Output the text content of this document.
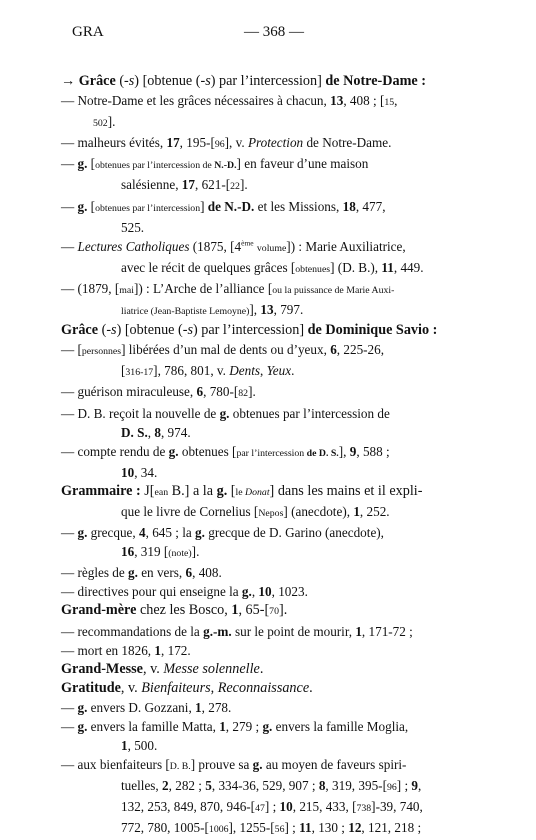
GRA	— 368 —
→ Grâce (-s) [obtenue (-s) par l’intercession] de Notre-Dame :
— Notre-Dame et les grâces nécessaires à chacun, 13, 408 ; [15,
502].
— malheurs évités, 17, 195-[96], v. Protection de Notre-Dame.
— g. [obtenues par l’intercession de N.-D.] en faveur d’une maison
salésienne, 17, 621-[22].
— g. [obtenues par l’intercession] de N.-D. et les Missions, 18, 477,
525.
— Lectures Catholiques (1875, [4ème volume]) : Marie Auxiliatrice,
avec le récit de quelques grâces [obtenues] (D. B.), 11, 449.
— (1879, [mai]) : L’Arche de l’alliance [ou la puissance de Marie Auxi-
liatrice (Jean-Baptiste Lemoyne)], 13, 797.
Grâce (-s) [obtenue (-s) par l’intercession] de Dominique Savio :
— [personnes] libérées d’un mal de dents ou d’yeux, 6, 225-26,
[316-17], 786, 801, v. Dents, Yeux.
— guérison miraculeuse, 6, 780-[82].
— D. B. reçoit la nouvelle de g. obtenues par l’intercession de
D. S., 8, 974.
— compte rendu de g. obtenues [par l’intercession de D. S.], 9, 588 ;
10, 34.
Grammaire : J[ean B.] a la g. [le Donat] dans les mains et il expli-
que le livre de Cornelius [Nepos] (anecdote), 1, 252.
— g. grecque, 4, 645 ; la g. grecque de D. Garino (anecdote),
16, 319 [(note)].
— règles de g. en vers, 6, 408.
— directives pour qui enseigne la g., 10, 1023.
Grand-mère chez les Bosco, 1, 65-[70].
— recommandations de la g.-m. sur le point de mourir, 1, 171-72 ;
— mort en 1826, 1, 172.
Grand-Messe, v. Messe solennelle.
Gratitude, v. Bienfaiteurs, Reconnaissance.
— g. envers D. Gozzani, 1, 278.
— g. envers la famille Matta, 1, 279 ; g. envers la famille Moglia,
1, 500.
— aux bienfaiteurs [D. B.] prouve sa g. au moyen de faveurs spiri-
tuelles, 2, 282 ; 5, 334-36, 529, 907 ; 8, 319, 395-[96] ; 9,
132, 253, 849, 870, 946-[47] ; 10, 215, 433, [738]-39, 740,
772, 780, 1005-[1006], 1255-[56] ; 11, 130 ; 12, 121, 218 ;
